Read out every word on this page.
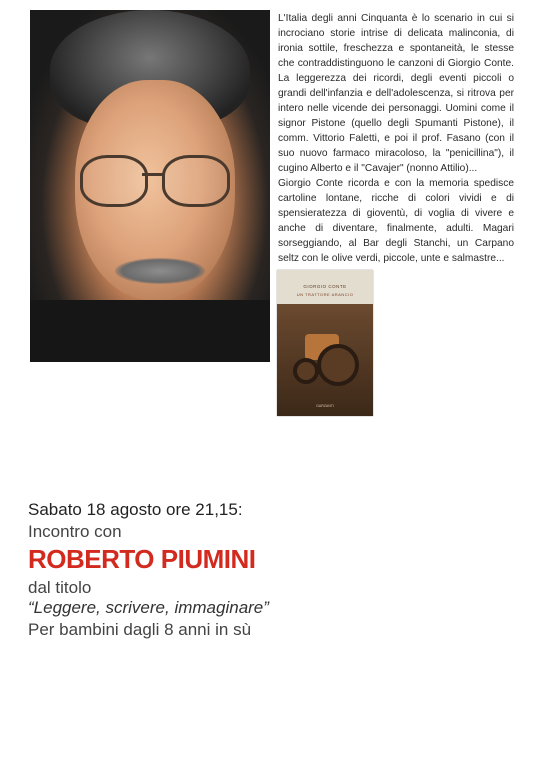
L'Italia degli anni Cinquanta è lo scenario in cui si incrociano storie intrise di delicata malinconia, di ironia sottile, freschezza e spontaneità, le stesse che contraddistinguono le canzoni di Giorgio Conte. La leggerezza dei ricordi, degli eventi piccoli o grandi dell'infanzia e dell'adolescenza, si ritrova per intero nelle vicende dei personaggi. Uomini come il signor Pistone (quello degli Spumanti Pistone), il comm. Vittorio Faletti, e poi il prof. Fasano (con il suo nuovo farmaco miracoloso, la "penicillina"), il cugino Alberto e il "Cavajer" (nonno Attilio)...

Giorgio Conte ricorda e con la memoria spedisce cartoline lontane, ricche di colori vividi e di spensieratezza di gioventù, di voglia di vivere e anche di diventare, finalmente, adulti. Magari sorseggiando, al Bar degli Stanchi, un Carpano seltz con le olive verdi, piccole, unte e salmastre...

GIORGIO CONTE
UN TRATTORE ARANCIO
GARZANTI
Sabato 18 agosto ore 21,15:
Incontro con
ROBERTO PIUMINI
dal titolo
“Leggere, scrivere, immaginare”
Per bambini dagli 8 anni in sù
